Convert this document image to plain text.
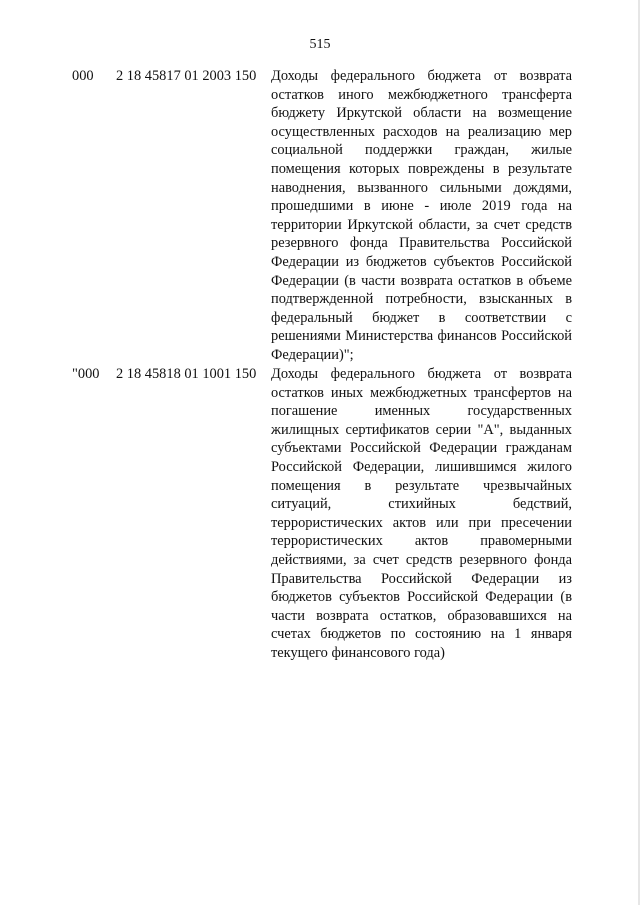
515
000	2 18 45817 01 2003 150	Доходы федерального бюджета от возврата остатков иного межбюджетного трансферта бюджету Иркутской области на возмещение осуществленных расходов на реализацию мер социальной поддержки граждан, жилые помещения которых повреждены в результате наводнения, вызванного сильными дождями, прошедшими в июне - июле 2019 года на территории Иркутской области, за счет средств резервного фонда Правительства Российской Федерации из бюджетов субъектов Российской Федерации (в части возврата остатков в объеме подтвержденной потребности, взысканных в федеральный бюджет в соответствии с решениями Министерства финансов Российской Федерации)";
"000	2 18 45818 01 1001 150	Доходы федерального бюджета от возврата остатков иных межбюджетных трансфертов на погашение именных государственных жилищных сертификатов серии "А", выданных субъектами Российской Федерации гражданам Российской Федерации, лишившимся жилого помещения в результате чрезвычайных ситуаций, стихийных бедствий, террористических актов или при пресечении террористических актов правомерными действиями, за счет средств резервного фонда Правительства Российской Федерации из бюджетов субъектов Российской Федерации (в части возврата остатков, образовавшихся на счетах бюджетов по состоянию на 1 января текущего финансового года)
